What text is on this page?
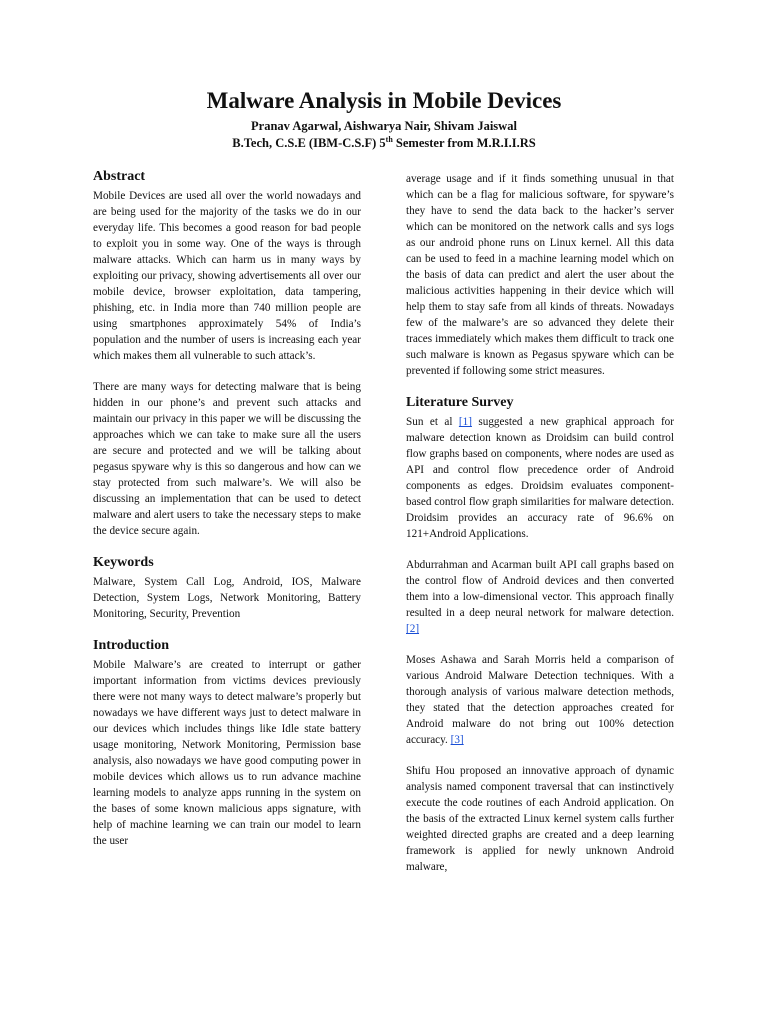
Malware Analysis in Mobile Devices
Pranav Agarwal, Aishwarya Nair, Shivam Jaiswal
B.Tech, C.S.E (IBM-C.S.F) 5th Semester from M.R.I.I.RS
Abstract

Mobile Devices are used all over the world nowadays and are being used for the majority of the tasks we do in our everyday life. This becomes a good reason for bad people to exploit you in some way. One of the ways is through malware attacks. Which can harm us in many ways by exploiting our privacy, showing advertisements all over our mobile device, browser exploitation, data tampering, phishing, etc. in India more than 740 million people are using smartphones approximately 54% of India’s population and the number of users is increasing each year which makes them all vulnerable to such attack’s.

There are many ways for detecting malware that is being hidden in our phone’s and prevent such attacks and maintain our privacy in this paper we will be discussing the approaches which we can take to make sure all the users are secure and protected and we will be talking about pegasus spyware why is this so dangerous and how can we stay protected from such malware’s. We will also be discussing an implementation that can be used to detect malware and alert users to take the necessary steps to make the device secure again.

Keywords

Malware, System Call Log, Android, IOS, Malware Detection, System Logs, Network Monitoring, Battery Monitoring, Security, Prevention

Introduction

Mobile Malware’s are created to interrupt or gather important information from victims devices previously there were not many ways to detect malware’s properly but nowadays we have different ways just to detect malware in our devices which includes things like Idle state battery usage monitoring, Network Monitoring, Permission base analysis, also nowadays we have good computing power in mobile devices which allows us to run advance machine learning models to analyze apps running in the system on the bases of some known malicious apps signature, with help of machine learning we can train our model to learn the user

average usage and if it finds something unusual in that which can be a flag for malicious software, for spyware’s they have to send the data back to the hacker’s server which can be monitored on the network calls and sys logs as our android phone runs on Linux kernel. All this data can be used to feed in a machine learning model which on the basis of data can predict and alert the user about the malicious activities happening in their device which will help them to stay safe from all kinds of threats. Nowadays few of the malware’s are so advanced they delete their traces immediately which makes them difficult to track one such malware is known as Pegasus spyware which can be prevented if following some strict measures.

Literature Survey

Sun et al [1] suggested a new graphical approach for malware detection known as Droidsim can build control flow graphs based on components, where nodes are used as API and control flow precedence order of Android components as edges. Droidsim evaluates component-based control flow graph similarities for malware detection. Droidsim provides an accuracy rate of 96.6% on 121+Android Applications.

Abdurrahman and Acarman built API call graphs based on the control flow of Android devices and then converted them into a low-dimensional vector. This approach finally resulted in a deep neural network for malware detection. [2]

Moses Ashawa and Sarah Morris held a comparison of various Android Malware Detection techniques. With a thorough analysis of various malware detection methods, they stated that the detection approaches created for Android malware do not bring out 100% detection accuracy. [3]

Shifu Hou proposed an innovative approach of dynamic analysis named component traversal that can instinctively execute the code routines of each Android application. On the basis of the extracted Linux kernel system calls further weighted directed graphs are created and a deep learning framework is applied for newly unknown Android malware,
